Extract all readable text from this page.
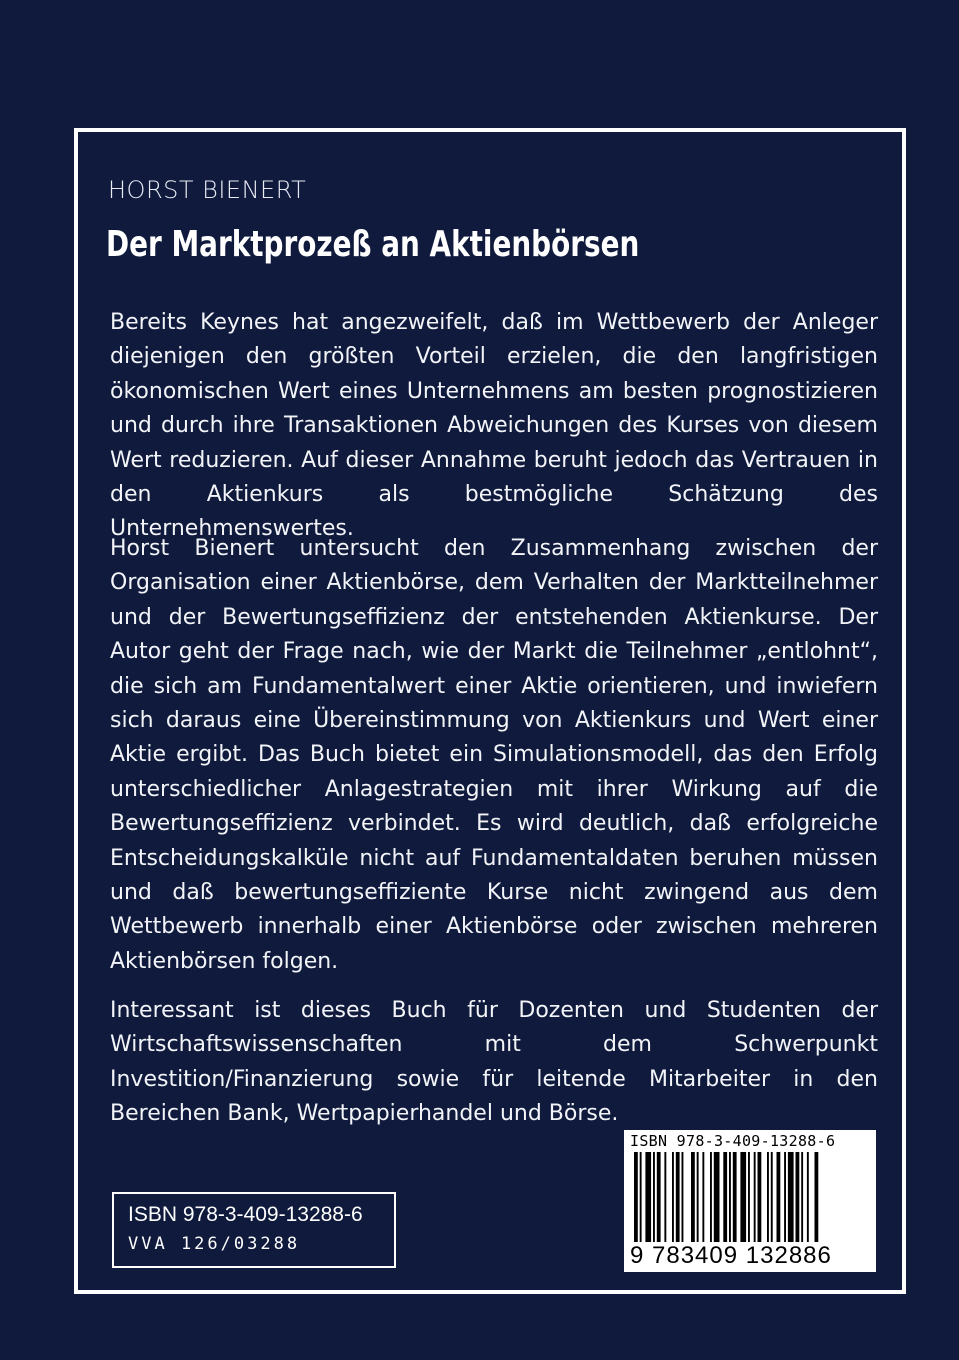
HORST BIENERT
Der Marktprozeß an Aktienbörsen

Bereits Keynes hat angezweifelt, daß im Wettbewerb der Anleger diejenigen den größten Vorteil erzielen, die den langfristigen ökonomischen Wert eines Unternehmens am besten prognostizieren und durch ihre Transaktionen Abweichungen des Kurses von diesem Wert reduzieren. Auf dieser Annahme beruht jedoch das Vertrauen in den Aktienkurs als bestmögliche Schätzung des Unternehmenswertes.

Horst Bienert untersucht den Zusammenhang zwischen der Organisation einer Aktienbörse, dem Verhalten der Marktteilnehmer und der Bewertungseffizienz der entstehenden Aktienkurse. Der Autor geht der Frage nach, wie der Markt die Teilnehmer „entlohnt“, die sich am Fundamentalwert einer Aktie orientieren, und inwiefern sich daraus eine Übereinstimmung von Aktienkurs und Wert einer Aktie ergibt. Das Buch bietet ein Simulationsmodell, das den Erfolg unterschiedlicher Anlagestrategien mit ihrer Wirkung auf die Bewertungseffizienz verbindet. Es wird deutlich, daß erfolgreiche Entscheidungskalküle nicht auf Fundamentaldaten beruhen müssen und daß bewertungseffiziente Kurse nicht zwingend aus dem Wettbewerb innerhalb einer Aktienbörse oder zwischen mehreren Aktienbörsen folgen.

Interessant ist dieses Buch für Dozenten und Studenten der Wirtschaftswissenschaften mit dem Schwerpunkt Investition/Finanzierung sowie für leitende Mitarbeiter in den Bereichen Bank, Wertpapierhandel und Börse.

ISBN 978-3-409-13288-6
VVA 126/03288
ISBN 978-3-409-13288-6
9 783409 132886
